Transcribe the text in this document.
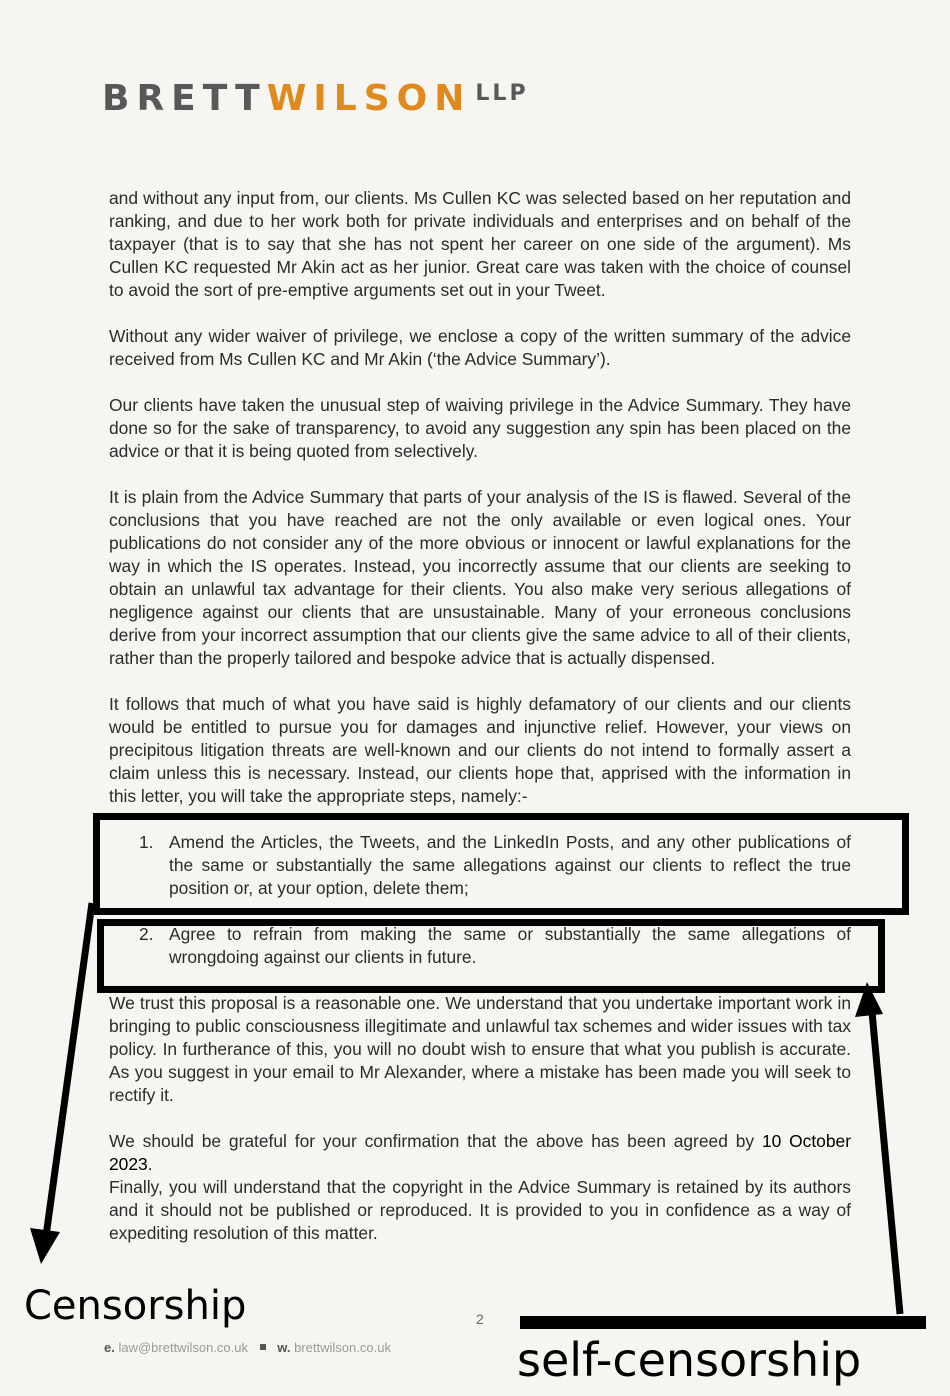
BRETTWILSON $^{LLP}$

and without any input from, our clients. Ms Cullen KC was selected based on her reputation and ranking, and due to her work both for private individuals and enterprises and on behalf of the taxpayer (that is to say that she has not spent her career on one side of the argument). Ms Cullen KC requested Mr Akin act as her junior. Great care was taken with the choice of counsel to avoid the sort of pre-emptive arguments set out in your Tweet.

Without any wider waiver of privilege, we enclose a copy of the written summary of the advice received from Ms Cullen KC and Mr Akin (‘the Advice Summary’).

Our clients have taken the unusual step of waiving privilege in the Advice Summary. They have done so for the sake of transparency, to avoid any suggestion any spin has been placed on the advice or that it is being quoted from selectively.

It is plain from the Advice Summary that parts of your analysis of the IS is flawed. Several of the conclusions that you have reached are not the only available or even logical ones. Your publications do not consider any of the more obvious or innocent or lawful explanations for the way in which the IS operates. Instead, you incorrectly assume that our clients are seeking to obtain an unlawful tax advantage for their clients. You also make very serious allegations of negligence against our clients that are unsustainable. Many of your erroneous conclusions derive from your incorrect assumption that our clients give the same advice to all of their clients, rather than the properly tailored and bespoke advice that is actually dispensed.

It follows that much of what you have said is highly defamatory of our clients and our clients would be entitled to pursue you for damages and injunctive relief. However, your views on precipitous litigation threats are well-known and our clients do not intend to formally assert a claim unless this is necessary. Instead, our clients hope that, apprised with the information in this letter, you will take the appropriate steps, namely:-

1. Amend the Articles, the Tweets, and the LinkedIn Posts, and any other publications of the same or substantially the same allegations against our clients to reflect the true position or, at your option, delete them;
2. Agree to refrain from making the same or substantially the same allegations of wrongdoing against our clients in future.

We trust this proposal is a reasonable one. We understand that you undertake important work in bringing to public consciousness illegitimate and unlawful tax schemes and wider issues with tax policy. In furtherance of this, you will no doubt wish to ensure that what you publish is accurate. As you suggest in your email to Mr Alexander, where a mistake has been made you will seek to rectify it.

We should be grateful for your confirmation that the above has been agreed by 10 October 2023.

Finally, you will understand that the copyright in the Advice Summary is retained by its authors and it should not be published or reproduced. It is provided to you in confidence as a way of expediting resolution of this matter.

Censorship	2
self-censorship
e. law@brettwilson.co.uk w. brettwilson.co.uk
